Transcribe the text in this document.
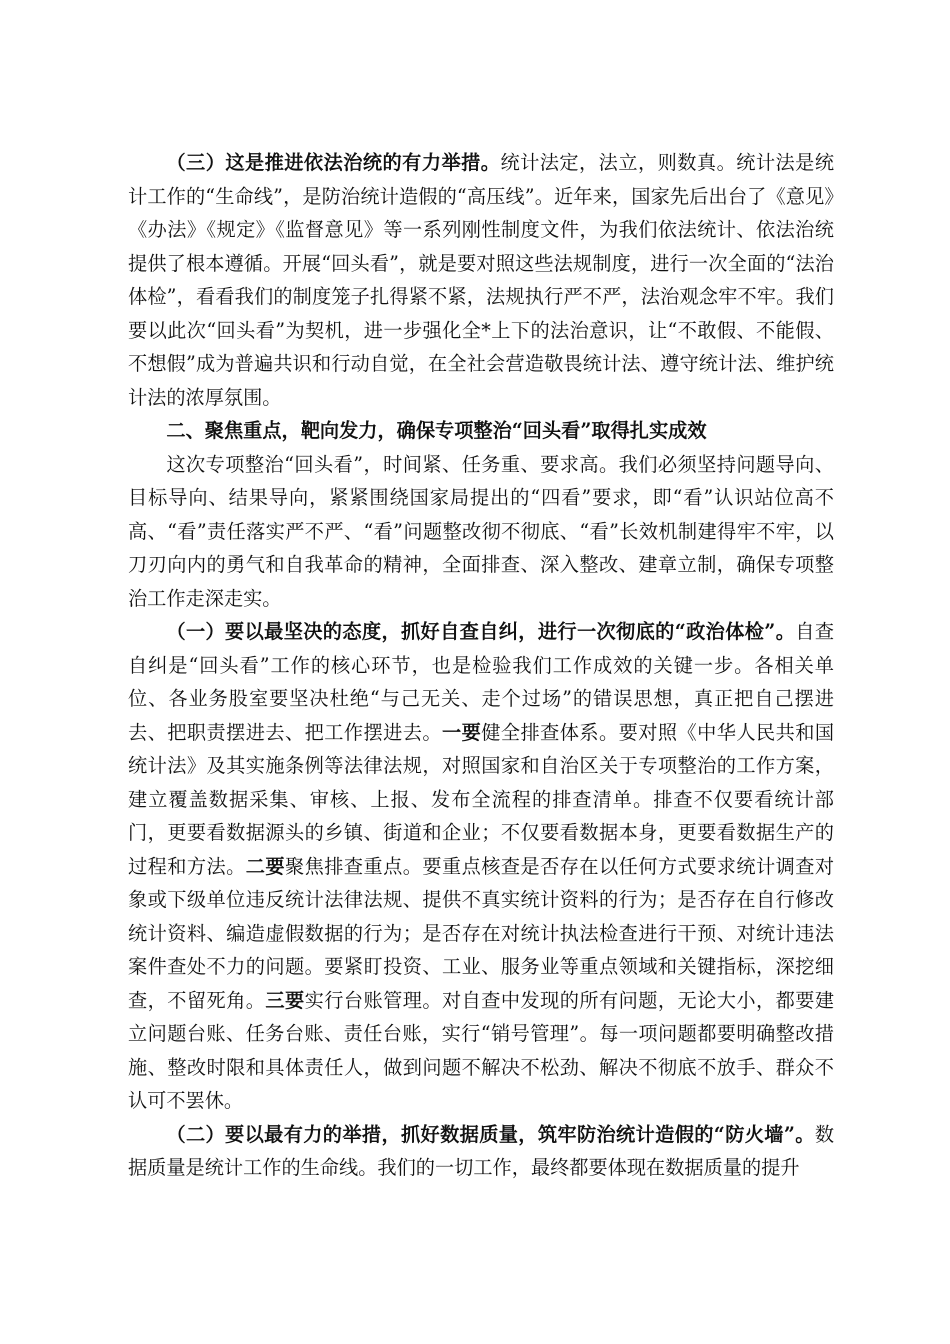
（三）这是推进依法治统的有力举措。统计法定，法立，则数真。统计法是统计工作的“生命线”，是防治统计造假的“高压线”。近年来，国家先后出台了《意见》《办法》《规定》《监督意见》等一系列刚性制度文件，为我们依法统计、依法治统提供了根本遵循。开展“回头看”，就是要对照这些法规制度，进行一次全面的“法治体检”，看看我们的制度笼子扎得紧不紧，法规执行严不严，法治观念牢不牢。我们要以此次“回头看”为契机，进一步强化全*上下的法治意识，让“不敢假、不能假、不想假”成为普遍共识和行动自觉，在全社会营造敬畏统计法、遵守统计法、维护统计法的浓厚氛围。

二、聚焦重点，靶向发力，确保专项整治“回头看”取得扎实成效

这次专项整治“回头看”，时间紧、任务重、要求高。我们必须坚持问题导向、目标导向、结果导向，紧紧围绕国家局提出的“四看”要求，即“看”认识站位高不高、“看”责任落实严不严、“看”问题整改彻不彻底、“看”长效机制建得牢不牢，以刀刃向内的勇气和自我革命的精神，全面排查、深入整改、建章立制，确保专项整治工作走深走实。

（一）要以最坚决的态度，抓好自查自纠，进行一次彻底的“政治体检”。自查自纠是“回头看”工作的核心环节，也是检验我们工作成效的关键一步。各相关单位、各业务股室要坚决杜绝“与己无关、走个过场”的错误思想，真正把自己摆进去、把职责摆进去、把工作摆进去。一要健全排查体系。要对照《中华人民共和国统计法》及其实施条例等法律法规，对照国家和自治区关于专项整治的工作方案，建立覆盖数据采集、审核、上报、发布全流程的排查清单。排查不仅要看统计部门，更要看数据源头的乡镇、街道和企业；不仅要看数据本身，更要看数据生产的过程和方法。二要聚焦排查重点。要重点核查是否存在以任何方式要求统计调查对象或下级单位违反统计法律法规、提供不真实统计资料的行为；是否存在自行修改统计资料、编造虚假数据的行为；是否存在对统计执法检查进行干预、对统计违法案件查处不力的问题。要紧盯投资、工业、服务业等重点领域和关键指标，深挖细查，不留死角。三要实行台账管理。对自查中发现的所有问题，无论大小，都要建立问题台账、任务台账、责任台账，实行“销号管理”。每一项问题都要明确整改措施、整改时限和具体责任人，做到问题不解决不松劲、解决不彻底不放手、群众不认可不罢休。

（二）要以最有力的举措，抓好数据质量，筑牢防治统计造假的“防火墙”。数据质量是统计工作的生命线。我们的一切工作，最终都要体现在数据质量的提升
